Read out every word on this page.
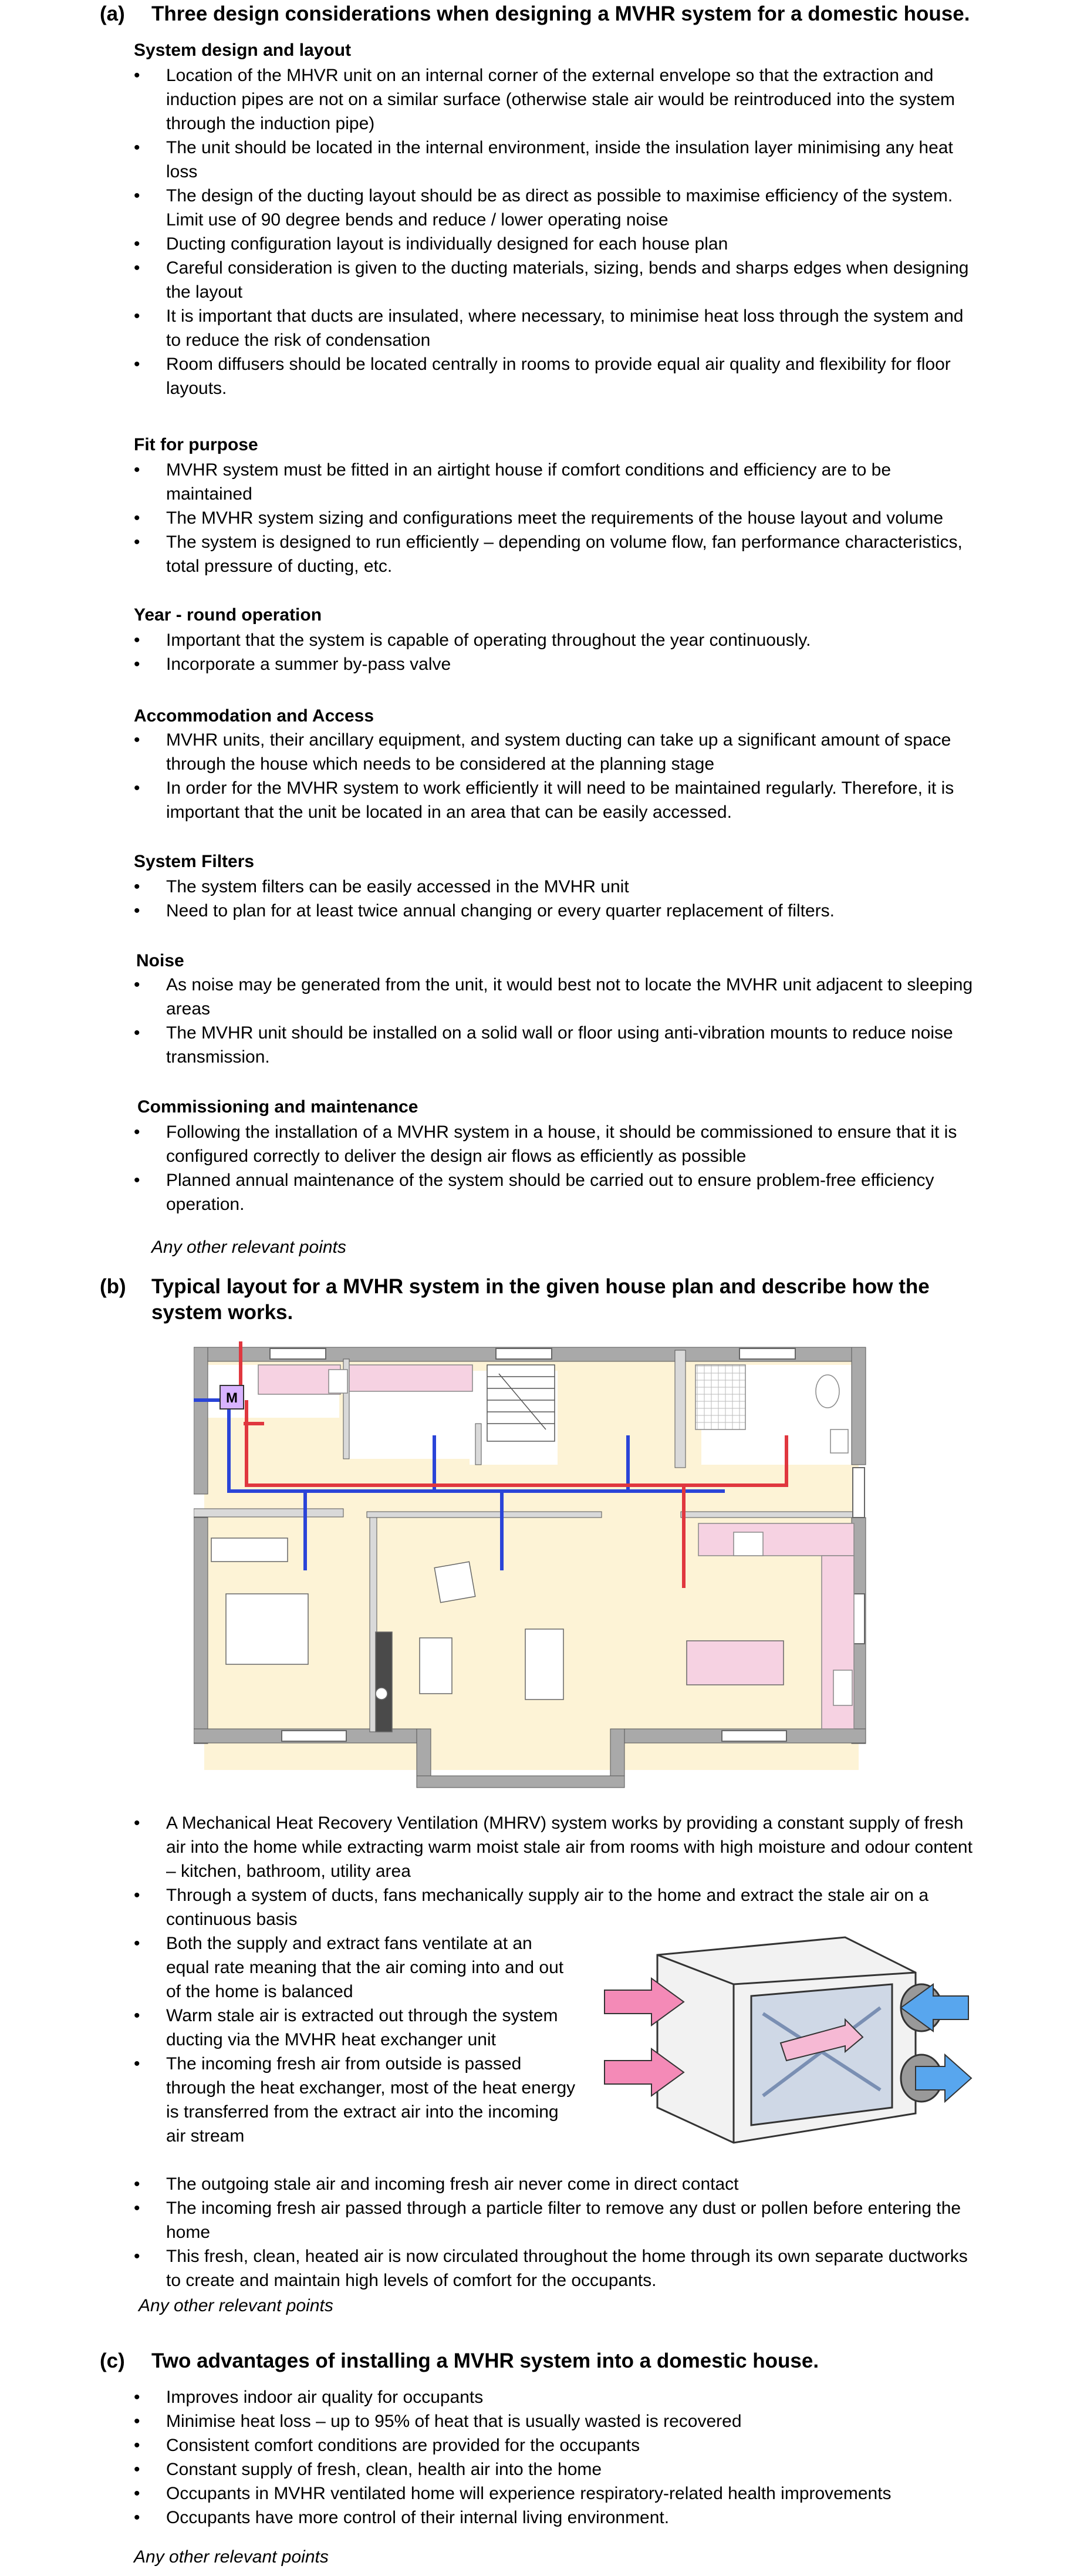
(a)	Three design considerations when designing a MVHR system for a domestic house.
System design and layout
• Location of the MHVR unit on an internal corner of the external envelope so that the extraction and induction pipes are not on a similar surface (otherwise stale air would be reintroduced into the system through the induction pipe)
• The unit should be located in the internal environment, inside the insulation layer minimising any heat loss
• The design of the ducting layout should be as direct as possible to maximise efficiency of the system. Limit use of 90 degree bends and reduce / lower operating noise
• Ducting configuration layout is individually designed for each house plan
• Careful consideration is given to the ducting materials, sizing, bends and sharps edges when designing the layout
• It is important that ducts are insulated, where necessary, to minimise heat loss through the system and to reduce the risk of condensation
• Room diffusers should be located centrally in rooms to provide equal air quality and flexibility for floor layouts.
Fit for purpose
• MVHR system must be fitted in an airtight house if comfort conditions and efficiency are to be maintained
• The MVHR system sizing and configurations meet the requirements of the house layout and volume
• The system is designed to run efficiently – depending on volume flow, fan performance characteristics, total pressure of ducting, etc.
Year - round operation
• Important that the system is capable of operating throughout the year continuously.
• Incorporate a summer by-pass valve
Accommodation and Access
• MVHR units, their ancillary equipment, and system ducting can take up a significant amount of space through the house which needs to be considered at the planning stage
• In order for the MVHR system to work efficiently it will need to be maintained regularly. Therefore, it is important that the unit be located in an area that can be easily accessed.
System Filters
• The system filters can be easily accessed in the MVHR unit
• Need to plan for at least twice annual changing or every quarter replacement of filters.
Noise
• As noise may be generated from the unit, it would best not to locate the MVHR unit adjacent to sleeping areas
• The MVHR unit should be installed on a solid wall or floor using anti-vibration mounts to reduce noise transmission.
Commissioning and maintenance
• Following the installation of a MVHR system in a house, it should be commissioned to ensure that it is configured correctly to deliver the design air flows as efficiently as possible
• Planned annual maintenance of the system should be carried out to ensure problem-free efficiency operation.
Any other relevant points
(b)	Typical layout for a MVHR system in the given house plan and describe how the system works.
M
• A Mechanical Heat Recovery Ventilation (MHRV) system works by providing a constant supply of fresh air into the home while extracting warm moist stale air from rooms with high moisture and odour content – kitchen, bathroom, utility area
• Through a system of ducts, fans mechanically supply air to the home and extract the stale air on a continuous basis
• Both the supply and extract fans ventilate at an equal rate meaning that the air coming into and out of the home is balanced
• Warm stale air is extracted out through the system ducting via the MVHR heat exchanger unit
• The incoming fresh air from outside is passed through the heat exchanger, most of the heat energy is transferred from the extract air into the incoming air stream
• The outgoing stale air and incoming fresh air never come in direct contact
• The incoming fresh air passed through a particle filter to remove any dust or pollen before entering the home
• This fresh, clean, heated air is now circulated throughout the home through its own separate ductworks to create and maintain high levels of comfort for the occupants.
Any other relevant points
(c)	Two advantages of installing a MVHR system into a domestic house.
• Improves indoor air quality for occupants
• Minimise heat loss – up to 95% of heat that is usually wasted is recovered
• Consistent comfort conditions are provided for the occupants
• Constant supply of fresh, clean, health air into the home
• Occupants in MVHR ventilated home will experience respiratory-related health improvements
• Occupants have more control of their internal living environment.
Any other relevant points
